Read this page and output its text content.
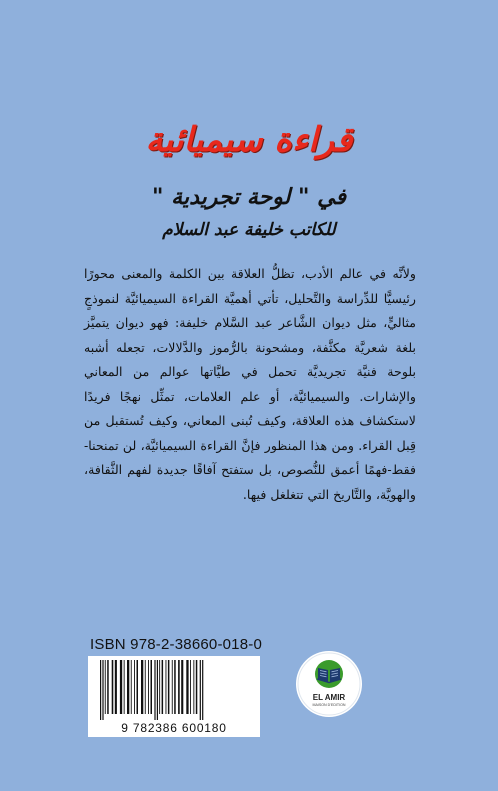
قراءة سيميائية
في " لوحة تجريدية "
للكاتب خليفة عبد السلام
ولأنَّه في عالم الأدب، تظلُّ العلاقة بين الكلمة والمعنى محورًا رئيسيًّا للدِّراسة والتَّحليل، تأتي أهميَّة القراءة السيميائيَّة لنموذجٍ مثاليٍّ، مثل ديوان الشَّاعر عبد السَّلام خليفة: فهو ديوان يتميَّز بلغة شعريَّة مكثَّفة، ومشحونة بالرُّموز والدَّلالات، تجعله أشبه بلوحة فنيَّة تجريديَّة تحمل في طيَّاتها عوالم من المعاني والإشارات. والسيميائيَّة، أو علم العلامات، تمثِّل نهجًا فريدًا لاستكشاف هذه العلاقة، وكيف تُبنى المعاني، وكيف تُستقبل من قِبل القراء. ومن هذا المنظور فإنَّ القراءة السيميائيَّة، لن تمنحنا-فقط-فهمًا أعمق للنُّصوص، بل ستفتح آفاقًا جديدة لفهم الثَّقافة، والهويَّة، والتَّاريخ التي تتغلغل فيها.
ISBN 978-2-38660-018-0
9 782386 600180
EL AMIR
MAISON D'EDITION
